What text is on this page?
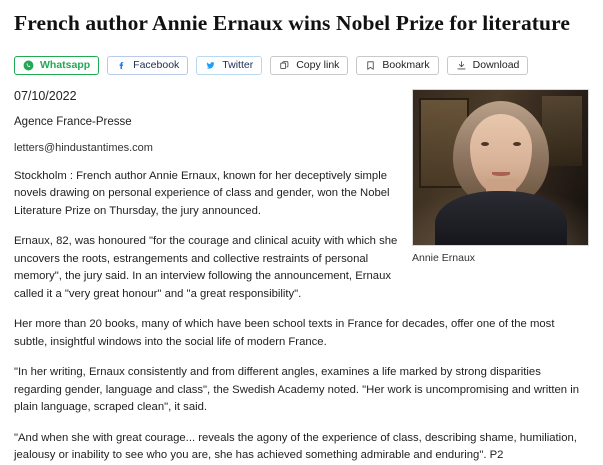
French author Annie Ernaux wins Nobel Prize for literature
Whatsapp	Facebook	Twitter	Copy link	Bookmark	Download
Annie Ernaux
07/10/2022
Agence France-Presse
letters@hindustantimes.com

Stockholm : French author Annie Ernaux, known for her deceptively simple novels drawing on personal experience of class and gender, won the Nobel Literature Prize on Thursday, the jury announced.

Ernaux, 82, was honoured "for the courage and clinical acuity with which she uncovers the roots, estrangements and collective restraints of personal memory", the jury said. In an interview following the announcement, Ernaux called it a "very great honour" and "a great responsibility".

Her more than 20 books, many of which have been school texts in France for decades, offer one of the most subtle, insightful windows into the social life of modern France.

"In her writing, Ernaux consistently and from different angles, examines a life marked by strong disparities regarding gender, language and class", the Swedish Academy noted. "Her work is uncompromising and written in plain language, scraped clean", it said.

"And when she with great courage... reveals the agony of the experience of class, describing shame, humiliation, jealousy or inability to see who you are, she has achieved something admirable and enduring". P2
